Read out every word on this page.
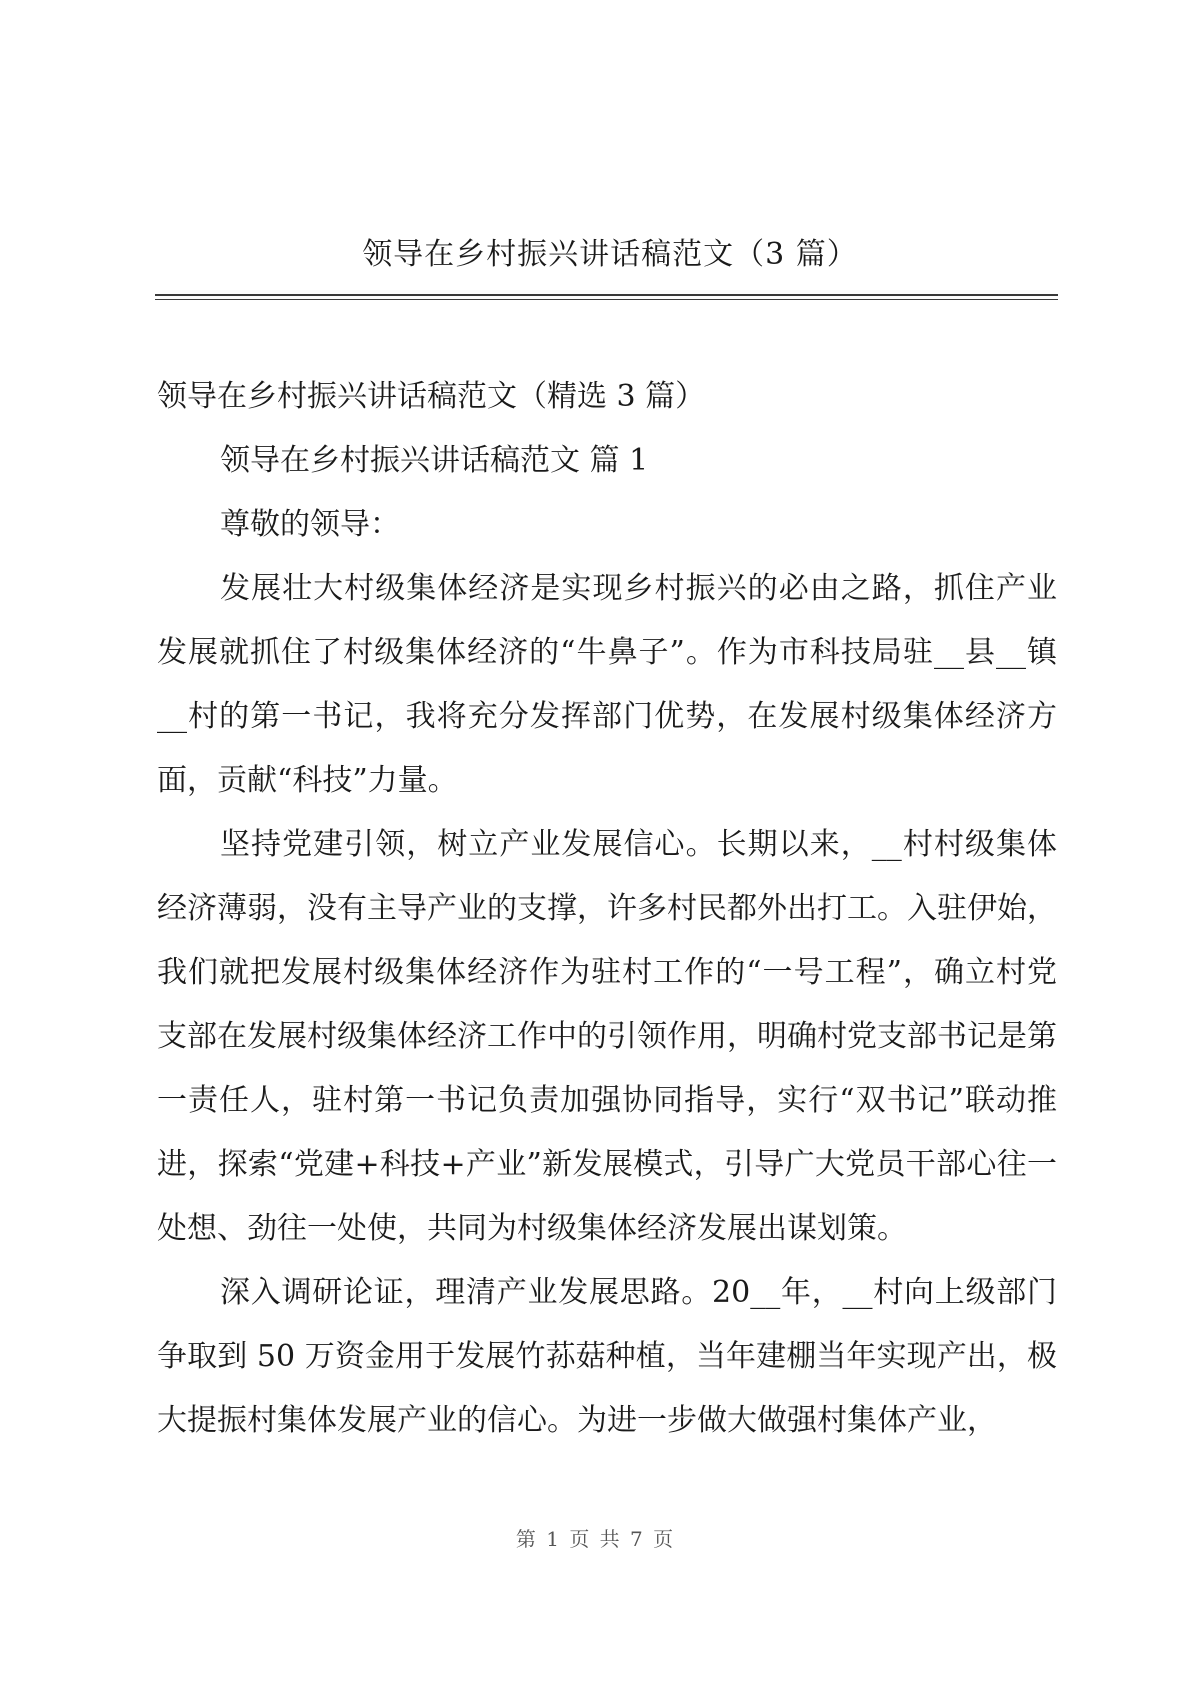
领导在乡村振兴讲话稿范文（3 篇）

领导在乡村振兴讲话稿范文（精选 3 篇）

领导在乡村振兴讲话稿范文 篇 1

尊敬的领导：

发展壮大村级集体经济是实现乡村振兴的必由之路，抓住产业发展就抓住了村级集体经济的“牛鼻子”。作为市科技局驻__县__镇__村的第一书记，我将充分发挥部门优势，在发展村级集体经济方面，贡献“科技”力量。

坚持党建引领，树立产业发展信心。长期以来，__村村级集体经济薄弱，没有主导产业的支撑，许多村民都外出打工。入驻伊始，我们就把发展村级集体经济作为驻村工作的“一号工程”，确立村党支部在发展村级集体经济工作中的引领作用，明确村党支部书记是第一责任人，驻村第一书记负责加强协同指导，实行“双书记”联动推进，探索“党建+科技+产业”新发展模式，引导广大党员干部心往一处想、劲往一处使，共同为村级集体经济发展出谋划策。

深入调研论证，理清产业发展思路。20__年，__村向上级部门争取到 50 万资金用于发展竹荪菇种植，当年建棚当年实现产出，极大提振村集体发展产业的信心。为进一步做大做强村集体产业，

第 1 页 共 7 页
